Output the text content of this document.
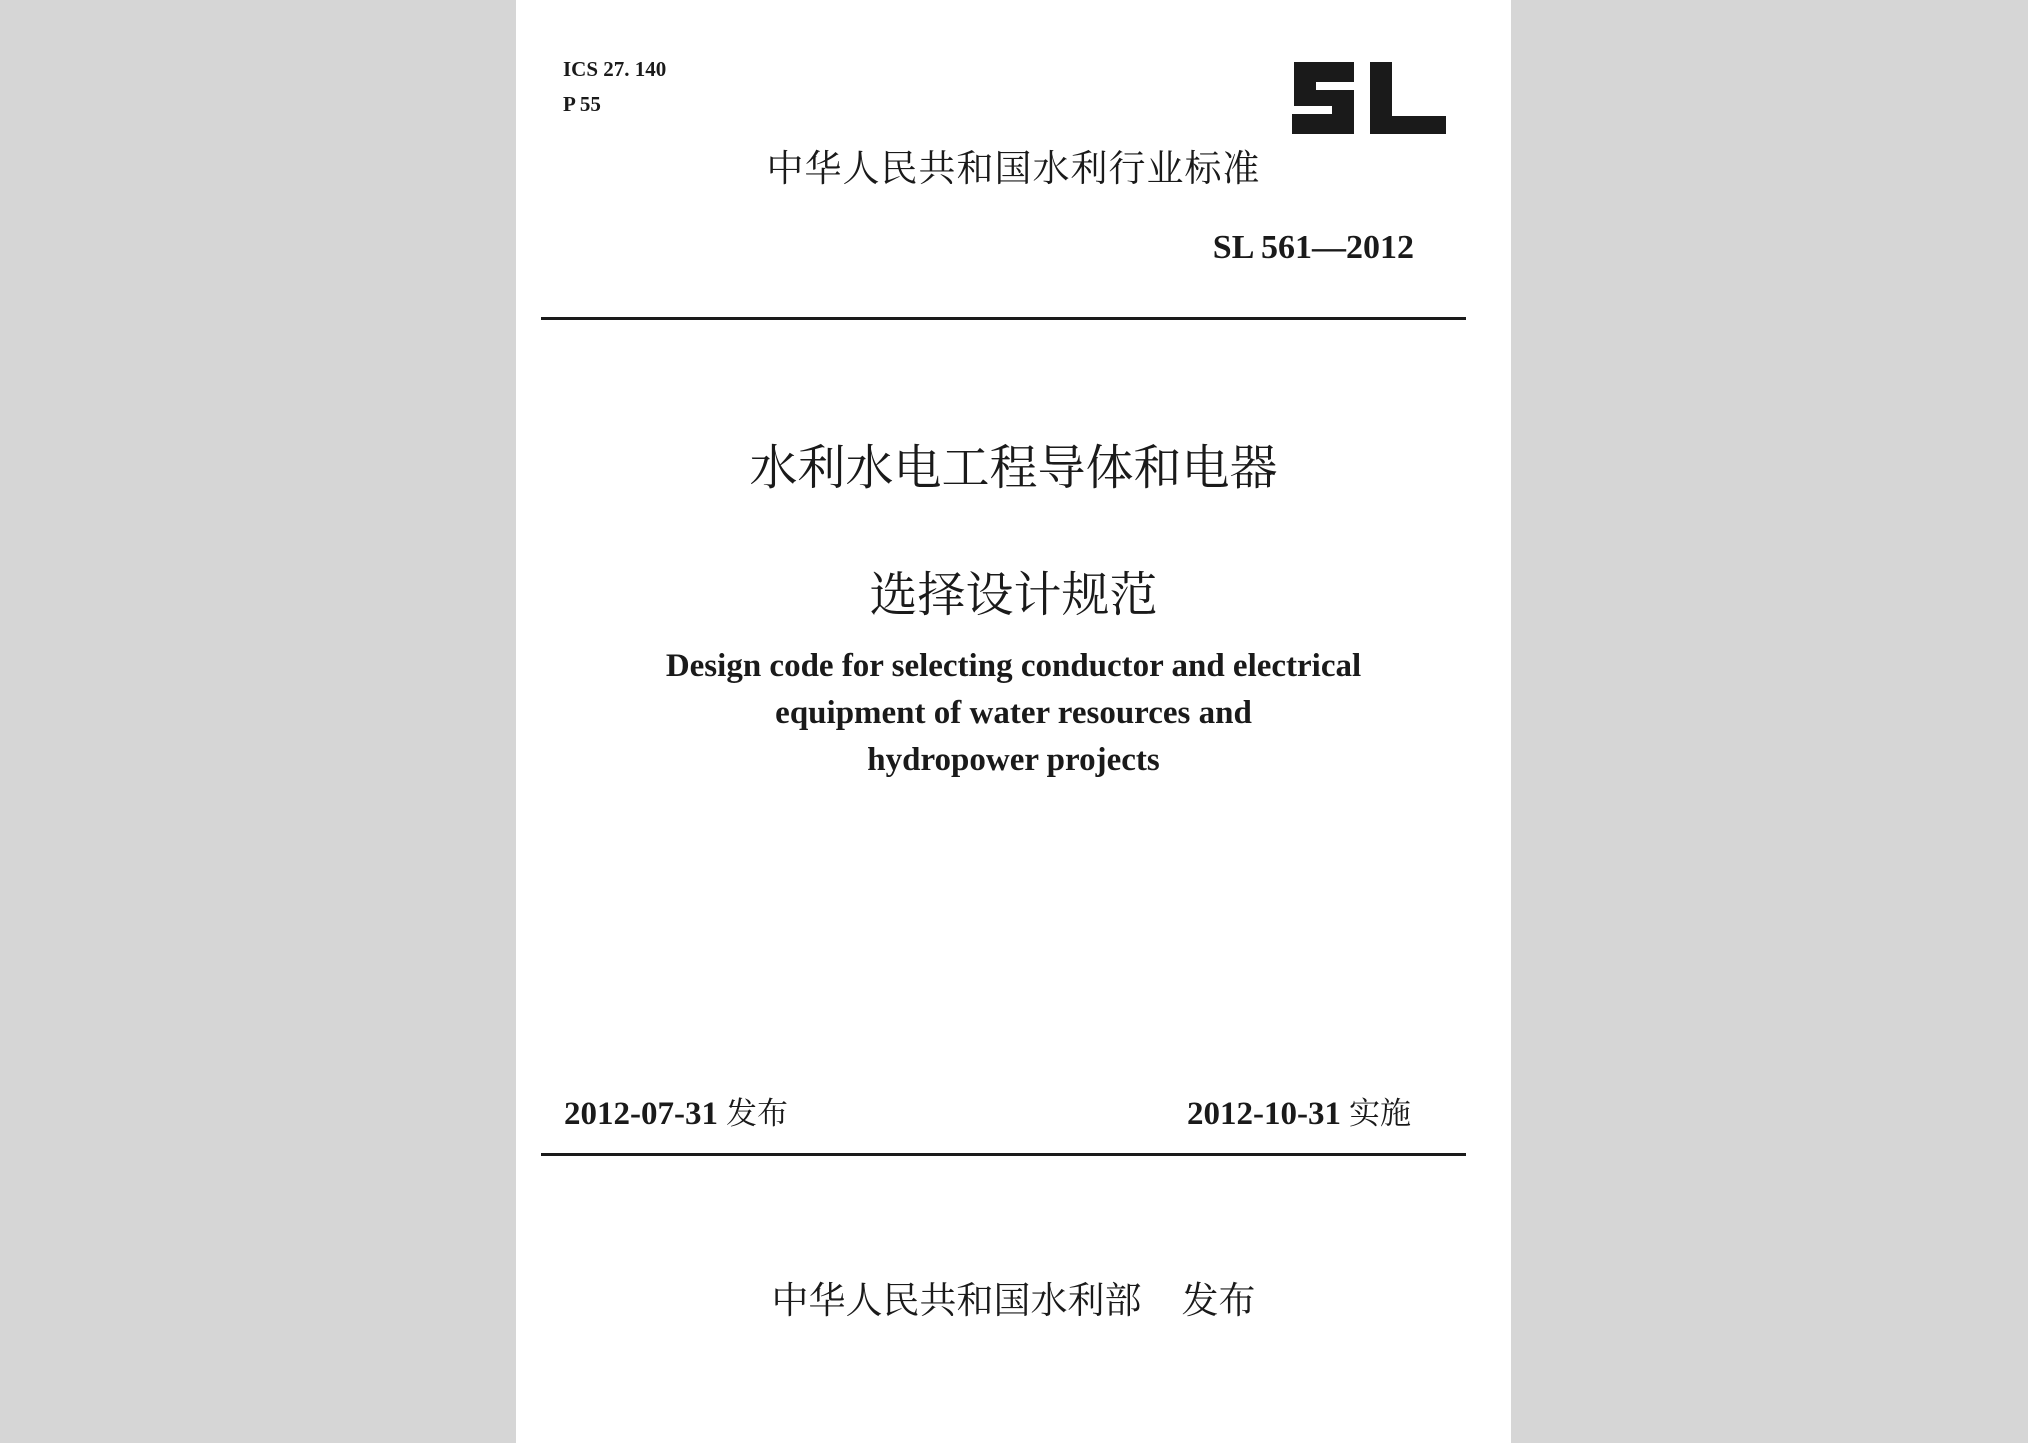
ICS 27. 140
P 55
中华人民共和国水利行业标准
SL 561—2012
水利水电工程导体和电器
选择设计规范
Design code for selecting conductor and electrical
equipment of water resources and
hydropower projects
2012-07-31 发布	2012-10-31 实施
中华人民共和国水利部 发布
